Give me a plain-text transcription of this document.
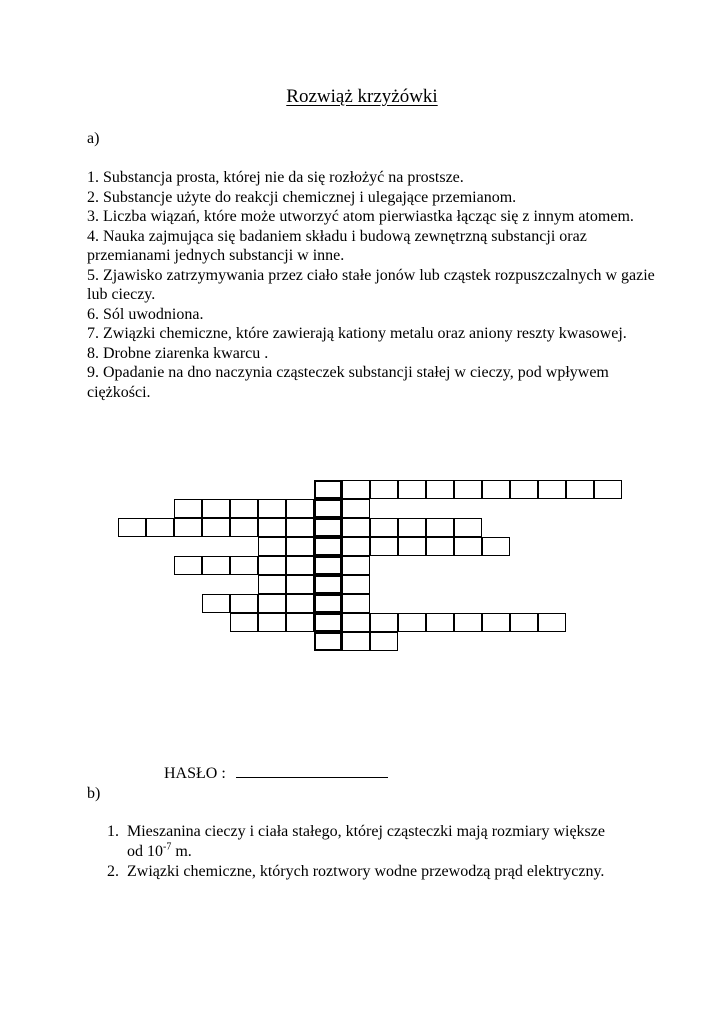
Rozwiąż krzyżówki
a)

1. Substancja prosta, której nie da się rozłożyć na prostsze.

2. Substancje użyte do reakcji chemicznej i ulegające przemianom.

3. Liczba wiązań, które może utworzyć atom pierwiastka łącząc się z innym atomem.

4. Nauka zajmująca się badaniem składu i budową zewnętrzną substancji oraz przemianami jednych substancji w inne.

5. Zjawisko zatrzymywania przez ciało stałe jonów lub cząstek rozpuszczalnych w gazie lub cieczy.

6. Sól uwodniona.

7. Związki chemiczne, które zawierają kationy metalu oraz aniony reszty kwasowej.

8. Drobne ziarenka kwarcu .

9. Opadanie na dno naczynia cząsteczek substancji stałej w cieczy, pod wpływem ciężkości.

HASŁO :
b)
1. Mieszanina cieczy i ciała stałego, której cząsteczki mają rozmiary większe od $10^{-7}$ m.
2. Związki chemiczne, których roztwory wodne przewodzą prąd elektryczny.
